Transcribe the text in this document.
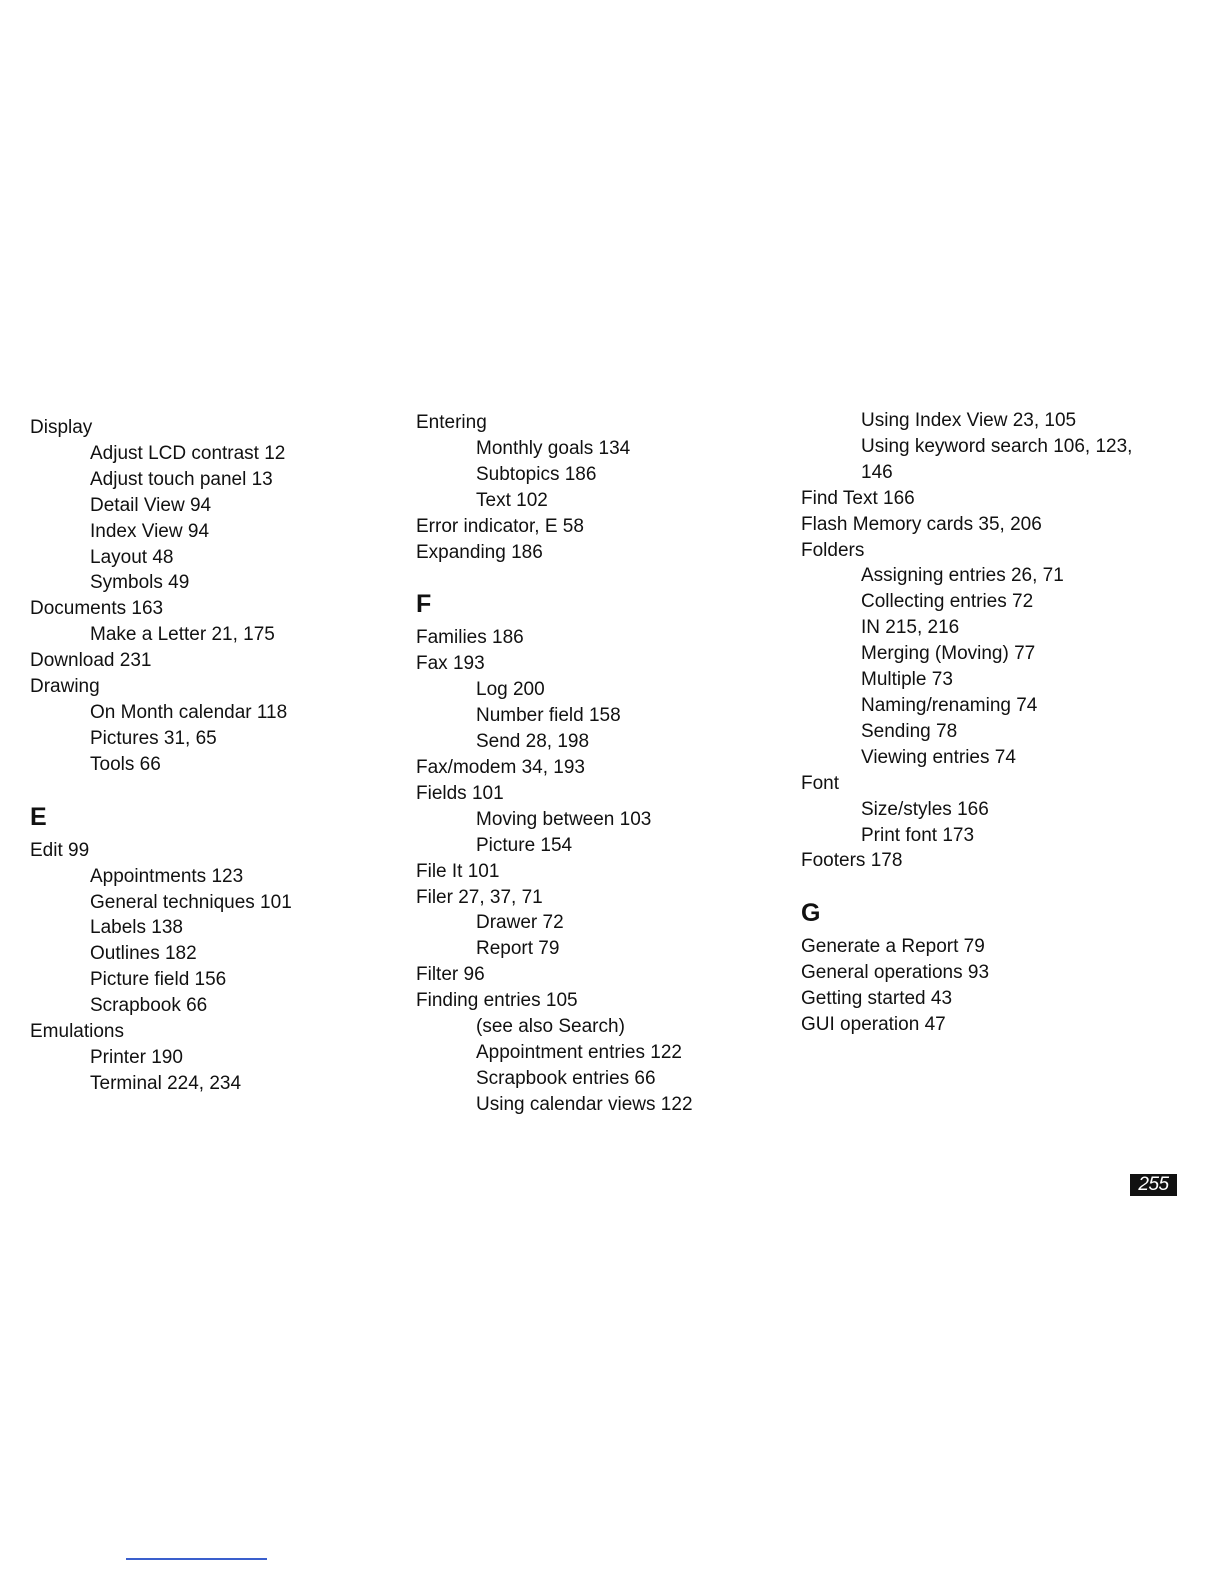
Display
Adjust LCD contrast 12
Adjust touch panel 13
Detail View 94
Index View 94
Layout 48
Symbols 49
Documents 163
Make a Letter 21, 175
Download 231
Drawing
On Month calendar 118
Pictures 31, 65
Tools 66
E
Edit 99
Appointments 123
General techniques 101
Labels 138
Outlines 182
Picture field 156
Scrapbook 66
Emulations
Printer 190
Terminal 224, 234
Entering
Monthly goals 134
Subtopics 186
Text 102
Error indicator, E 58
Expanding 186
F
Families 186
Fax 193
Log 200
Number field 158
Send 28, 198
Fax/modem 34, 193
Fields 101
Moving between 103
Picture 154
File It 101
Filer 27, 37, 71
Drawer 72
Report 79
Filter 96
Finding entries 105
(see also Search)
Appointment entries 122
Scrapbook entries 66
Using calendar views 122
Using Index View 23, 105
Using keyword search 106, 123,
146
Find Text 166
Flash Memory cards 35, 206
Folders
Assigning entries 26, 71
Collecting entries 72
IN 215, 216
Merging (Moving) 77
Multiple 73
Naming/renaming 74
Sending 78
Viewing entries 74
Font
Size/styles 166
Print font 173
Footers 178
G
Generate a Report 79
General operations 93
Getting started 43
GUI operation 47
255
